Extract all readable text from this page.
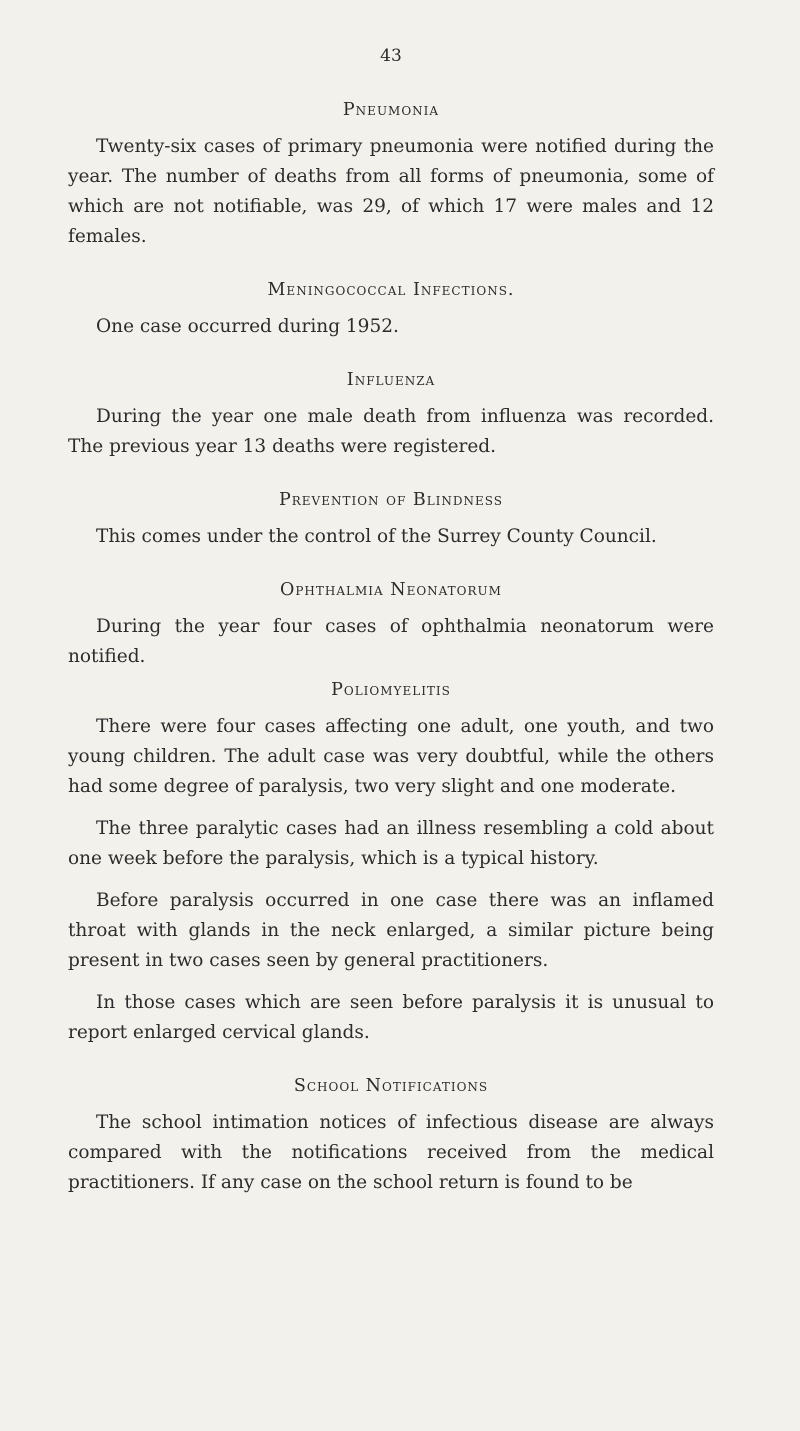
43
Pneumonia

Twenty-six cases of primary pneumonia were notified during the year. The number of deaths from all forms of pneumonia, some of which are not notifiable, was 29, of which 17 were males and 12 females.

Meningococcal Infections.

One case occurred during 1952.

Influenza

During the year one male death from influenza was recorded. The previous year 13 deaths were registered.

Prevention of Blindness

This comes under the control of the Surrey County Council.

Ophthalmia Neonatorum

During the year four cases of ophthalmia neonatorum were notified.

Poliomyelitis

There were four cases affecting one adult, one youth, and two young children. The adult case was very doubtful, while the others had some degree of paralysis, two very slight and one moderate.

The three paralytic cases had an illness resembling a cold about one week before the paralysis, which is a typical history.

Before paralysis occurred in one case there was an inflamed throat with glands in the neck enlarged, a similar picture being present in two cases seen by general practitioners.

In those cases which are seen before paralysis it is unusual to report enlarged cervical glands.

School Notifications

The school intimation notices of infectious disease are always compared with the notifications received from the medical practitioners. If any case on the school return is found to be
